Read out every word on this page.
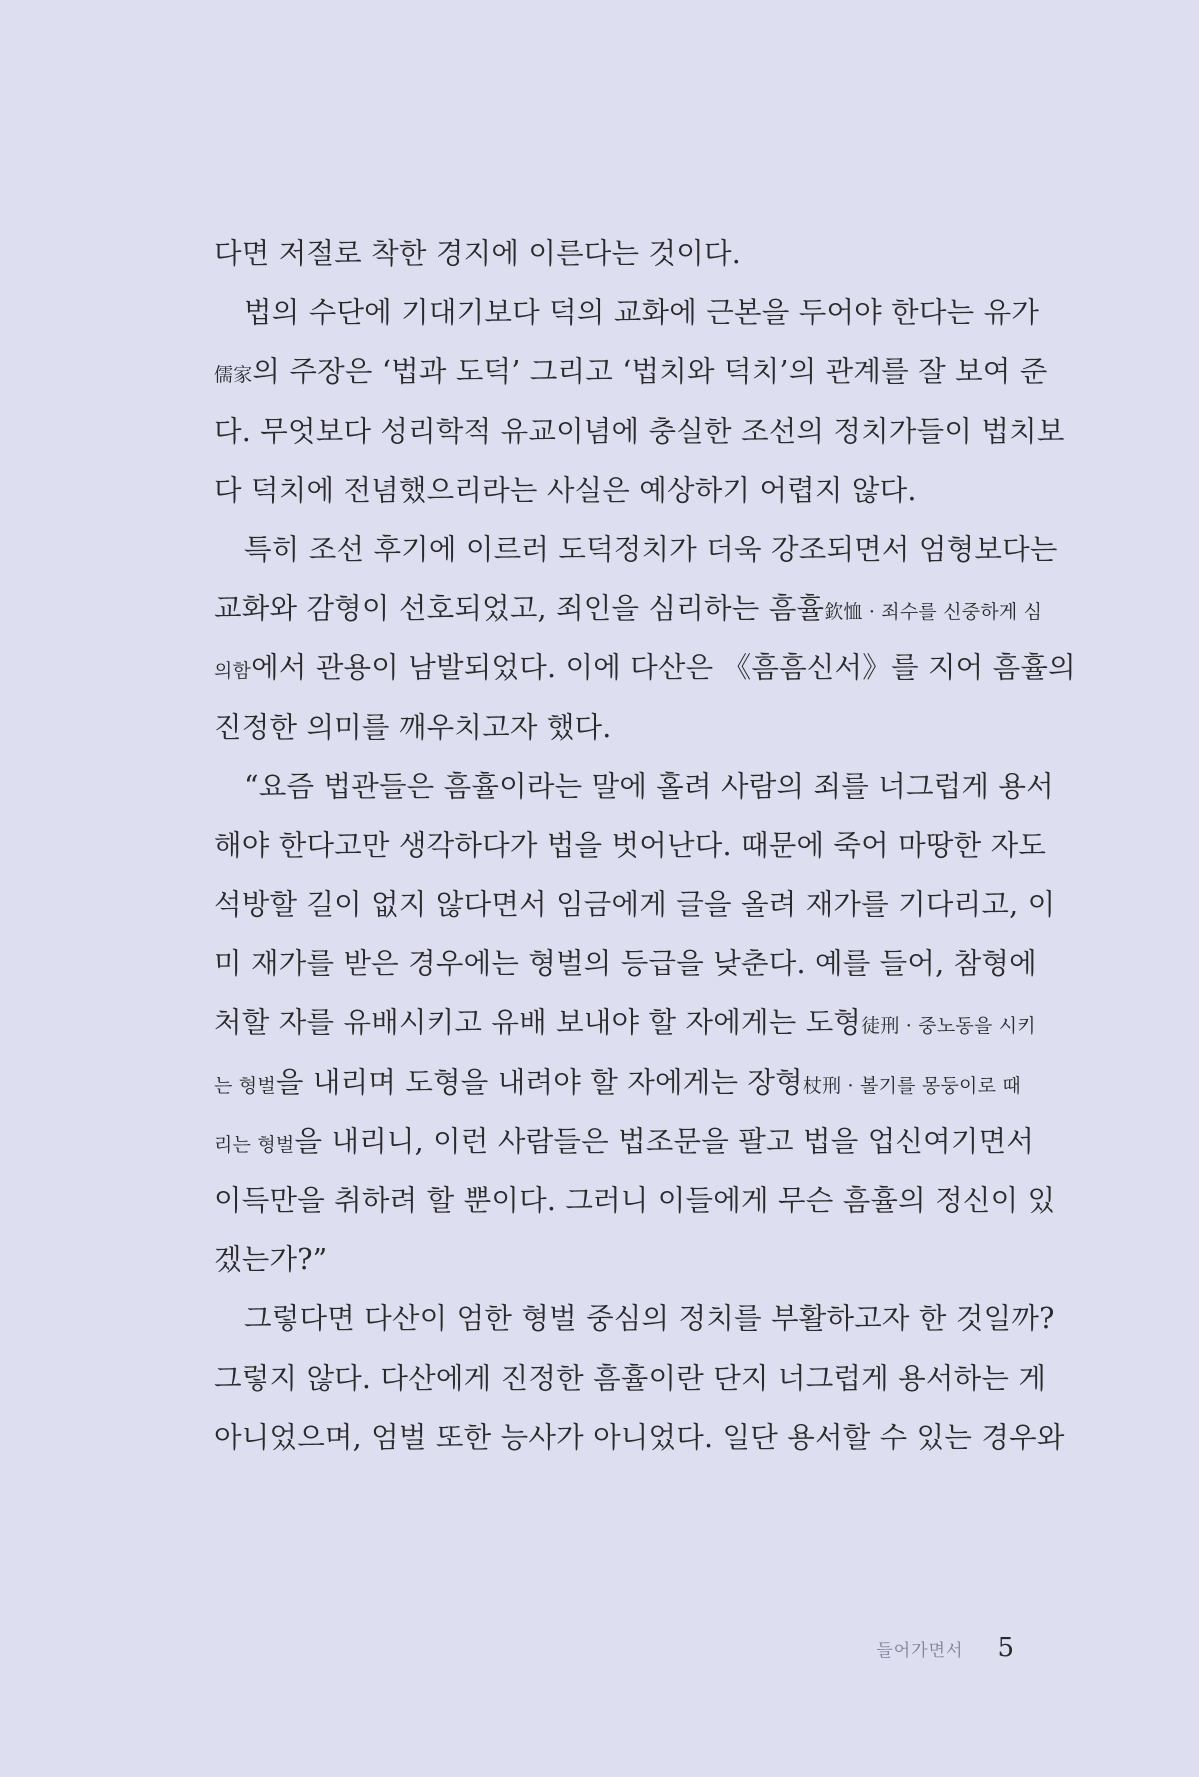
다면 저절로 착한 경지에 이른다는 것이다.
법의 수단에 기대기보다 덕의 교화에 근본을 두어야 한다는 유가
儒家의 주장은 ‘법과 도덕’ 그리고 ‘법치와 덕치’의 관계를 잘 보여 준
다. 무엇보다 성리학적 유교이념에 충실한 조선의 정치가들이 법치보
다 덕치에 전념했으리라는 사실은 예상하기 어렵지 않다.
특히 조선 후기에 이르러 도덕정치가 더욱 강조되면서 엄형보다는
교화와 감형이 선호되었고, 죄인을 심리하는 흠휼欽恤 · 죄수를 신중하게 심
의함에서 관용이 남발되었다. 이에 다산은 《흠흠신서》를 지어 흠휼의
진정한 의미를 깨우치고자 했다.
“요즘 법관들은 흠휼이라는 말에 홀려 사람의 죄를 너그럽게 용서
해야 한다고만 생각하다가 법을 벗어난다. 때문에 죽어 마땅한 자도
석방할 길이 없지 않다면서 임금에게 글을 올려 재가를 기다리고, 이
미 재가를 받은 경우에는 형벌의 등급을 낮춘다. 예를 들어, 참형에
처할 자를 유배시키고 유배 보내야 할 자에게는 도형徒刑 · 중노동을 시키
는 형벌을 내리며 도형을 내려야 할 자에게는 장형杖刑 · 볼기를 몽둥이로 때
리는 형벌을 내리니, 이런 사람들은 법조문을 팔고 법을 업신여기면서
이득만을 취하려 할 뿐이다. 그러니 이들에게 무슨 흠휼의 정신이 있
겠는가?”
그렇다면 다산이 엄한 형벌 중심의 정치를 부활하고자 한 것일까?
그렇지 않다. 다산에게 진정한 흠휼이란 단지 너그럽게 용서하는 게
아니었으며, 엄벌 또한 능사가 아니었다. 일단 용서할 수 있는 경우와
들어가면서 5
